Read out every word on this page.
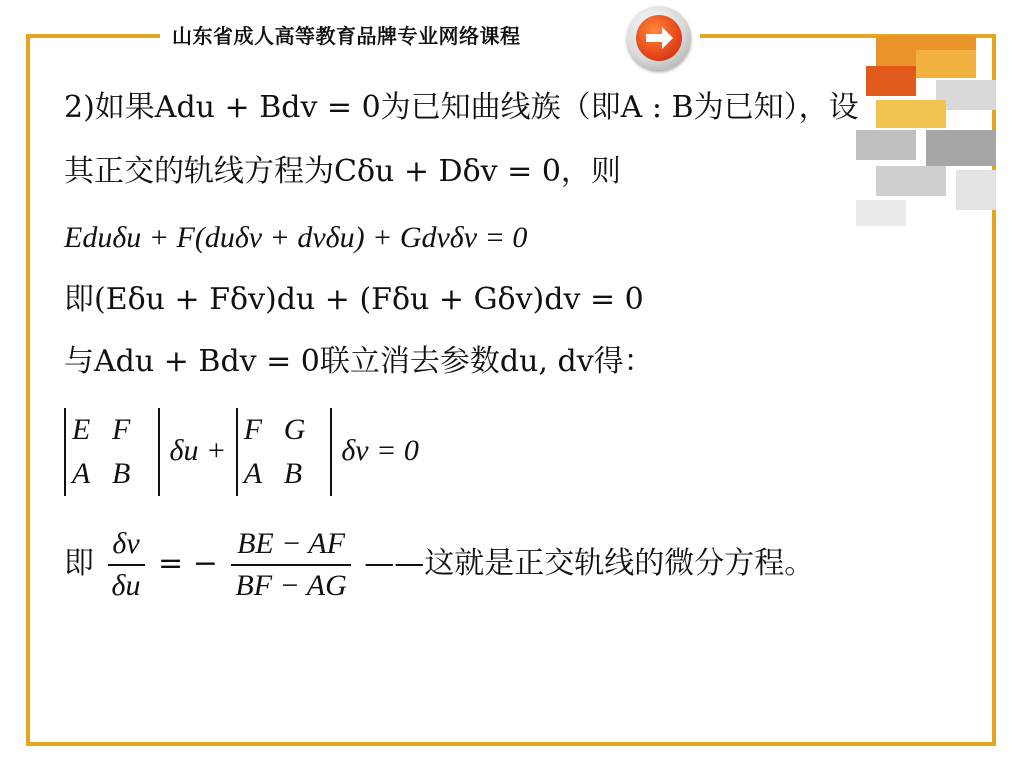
山东省成人高等教育品牌专业网络课程
2)如果Adu + Bdv = 0为已知曲线族（即A : B为已知），设
其正交的轨线方程为Cδu + Dδv = 0，则
Eduδu + F(duδv + dvδu) + Gdvδv = 0
即(Eδu + Fδv)du + (Fδu + Gδv)dv = 0
与Adu + Bdv = 0联立消去参数du, dv得：
E F
A B
δu +
F G
A B
δv = 0
即 $\frac{\delta v}{\delta u}$ = − $\frac{BE - AF}{BF - AG}$ ——这就是正交轨线的微分方程。
